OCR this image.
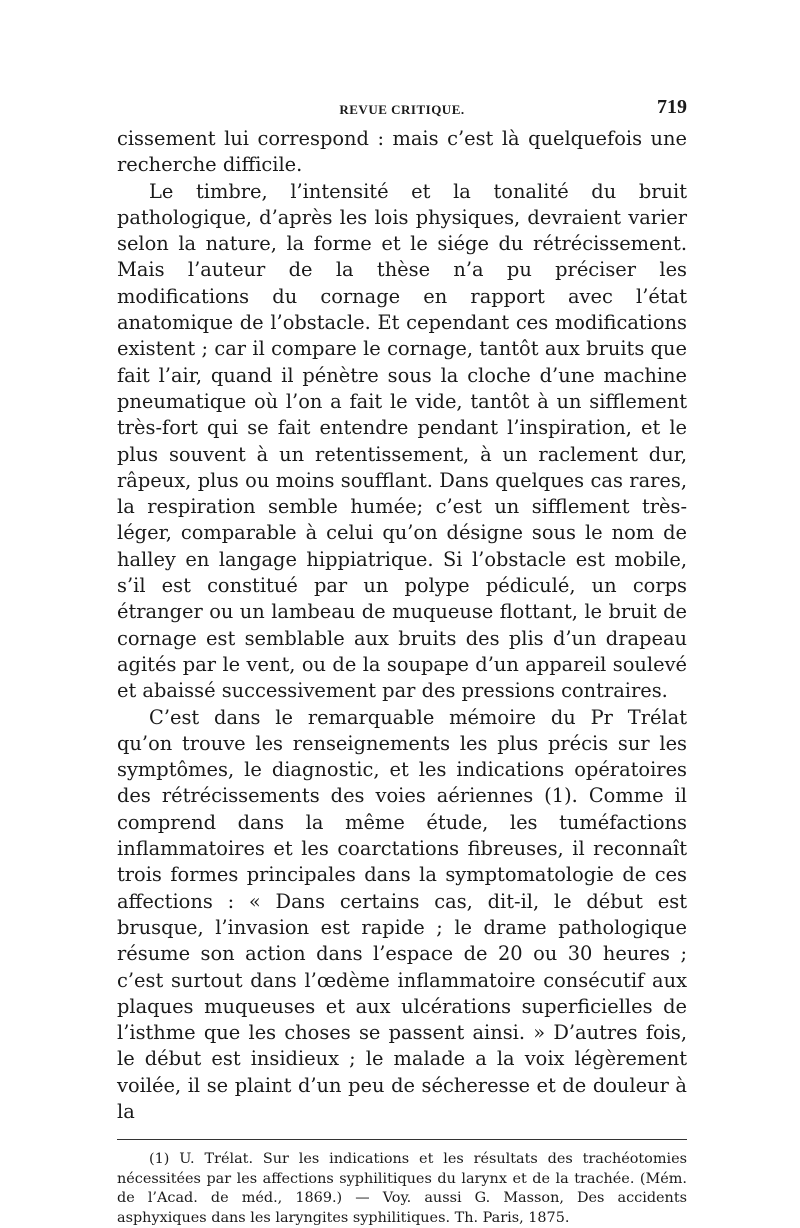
REVUE CRITIQUE.	719

cissement lui correspond : mais c’est là quelquefois une recherche difficile.

Le timbre, l’intensité et la tonalité du bruit pathologique, d’après les lois physiques, devraient varier selon la nature, la forme et le siége du rétrécissement. Mais l’auteur de la thèse n’a pu préciser les modifications du cornage en rapport avec l’état anatomique de l’obstacle. Et cependant ces modifications existent ; car il compare le cornage, tantôt aux bruits que fait l’air, quand il pénètre sous la cloche d’une machine pneumatique où l’on a fait le vide, tantôt à un sifflement très-fort qui se fait entendre pendant l’inspiration, et le plus souvent à un retentissement, à un raclement dur, râpeux, plus ou moins soufflant. Dans quelques cas rares, la respiration semble humée; c’est un sifflement très-léger, comparable à celui qu’on désigne sous le nom de halley en langage hippiatrique. Si l’obstacle est mobile, s’il est constitué par un polype pédiculé, un corps étranger ou un lambeau de muqueuse flottant, le bruit de cornage est semblable aux bruits des plis d’un drapeau agités par le vent, ou de la soupape d’un appareil soulevé et abaissé successivement par des pressions contraires.

C’est dans le remarquable mémoire du Pr Trélat qu’on trouve les renseignements les plus précis sur les symptômes, le diagnostic, et les indications opératoires des rétrécissements des voies aériennes (1). Comme il comprend dans la même étude, les tuméfactions inflammatoires et les coarctations fibreuses, il reconnaît trois formes principales dans la symptomatologie de ces affections : « Dans certains cas, dit-il, le début est brusque, l’invasion est rapide ; le drame pathologique résume son action dans l’espace de 20 ou 30 heures ; c’est surtout dans l’œdème inflammatoire consécutif aux plaques muqueuses et aux ulcérations superficielles de l’isthme que les choses se passent ainsi. » D’autres fois, le début est insidieux ; le malade a la voix légèrement voilée, il se plaint d’un peu de sécheresse et de douleur à la

(1) U. Trélat. Sur les indications et les résultats des trachéotomies nécessitées par les affections syphilitiques du larynx et de la trachée. (Mém. de l’Acad. de méd., 1869.) — Voy. aussi G. Masson, Des accidents asphyxiques dans les laryngites syphilitiques. Th. Paris, 1875.
